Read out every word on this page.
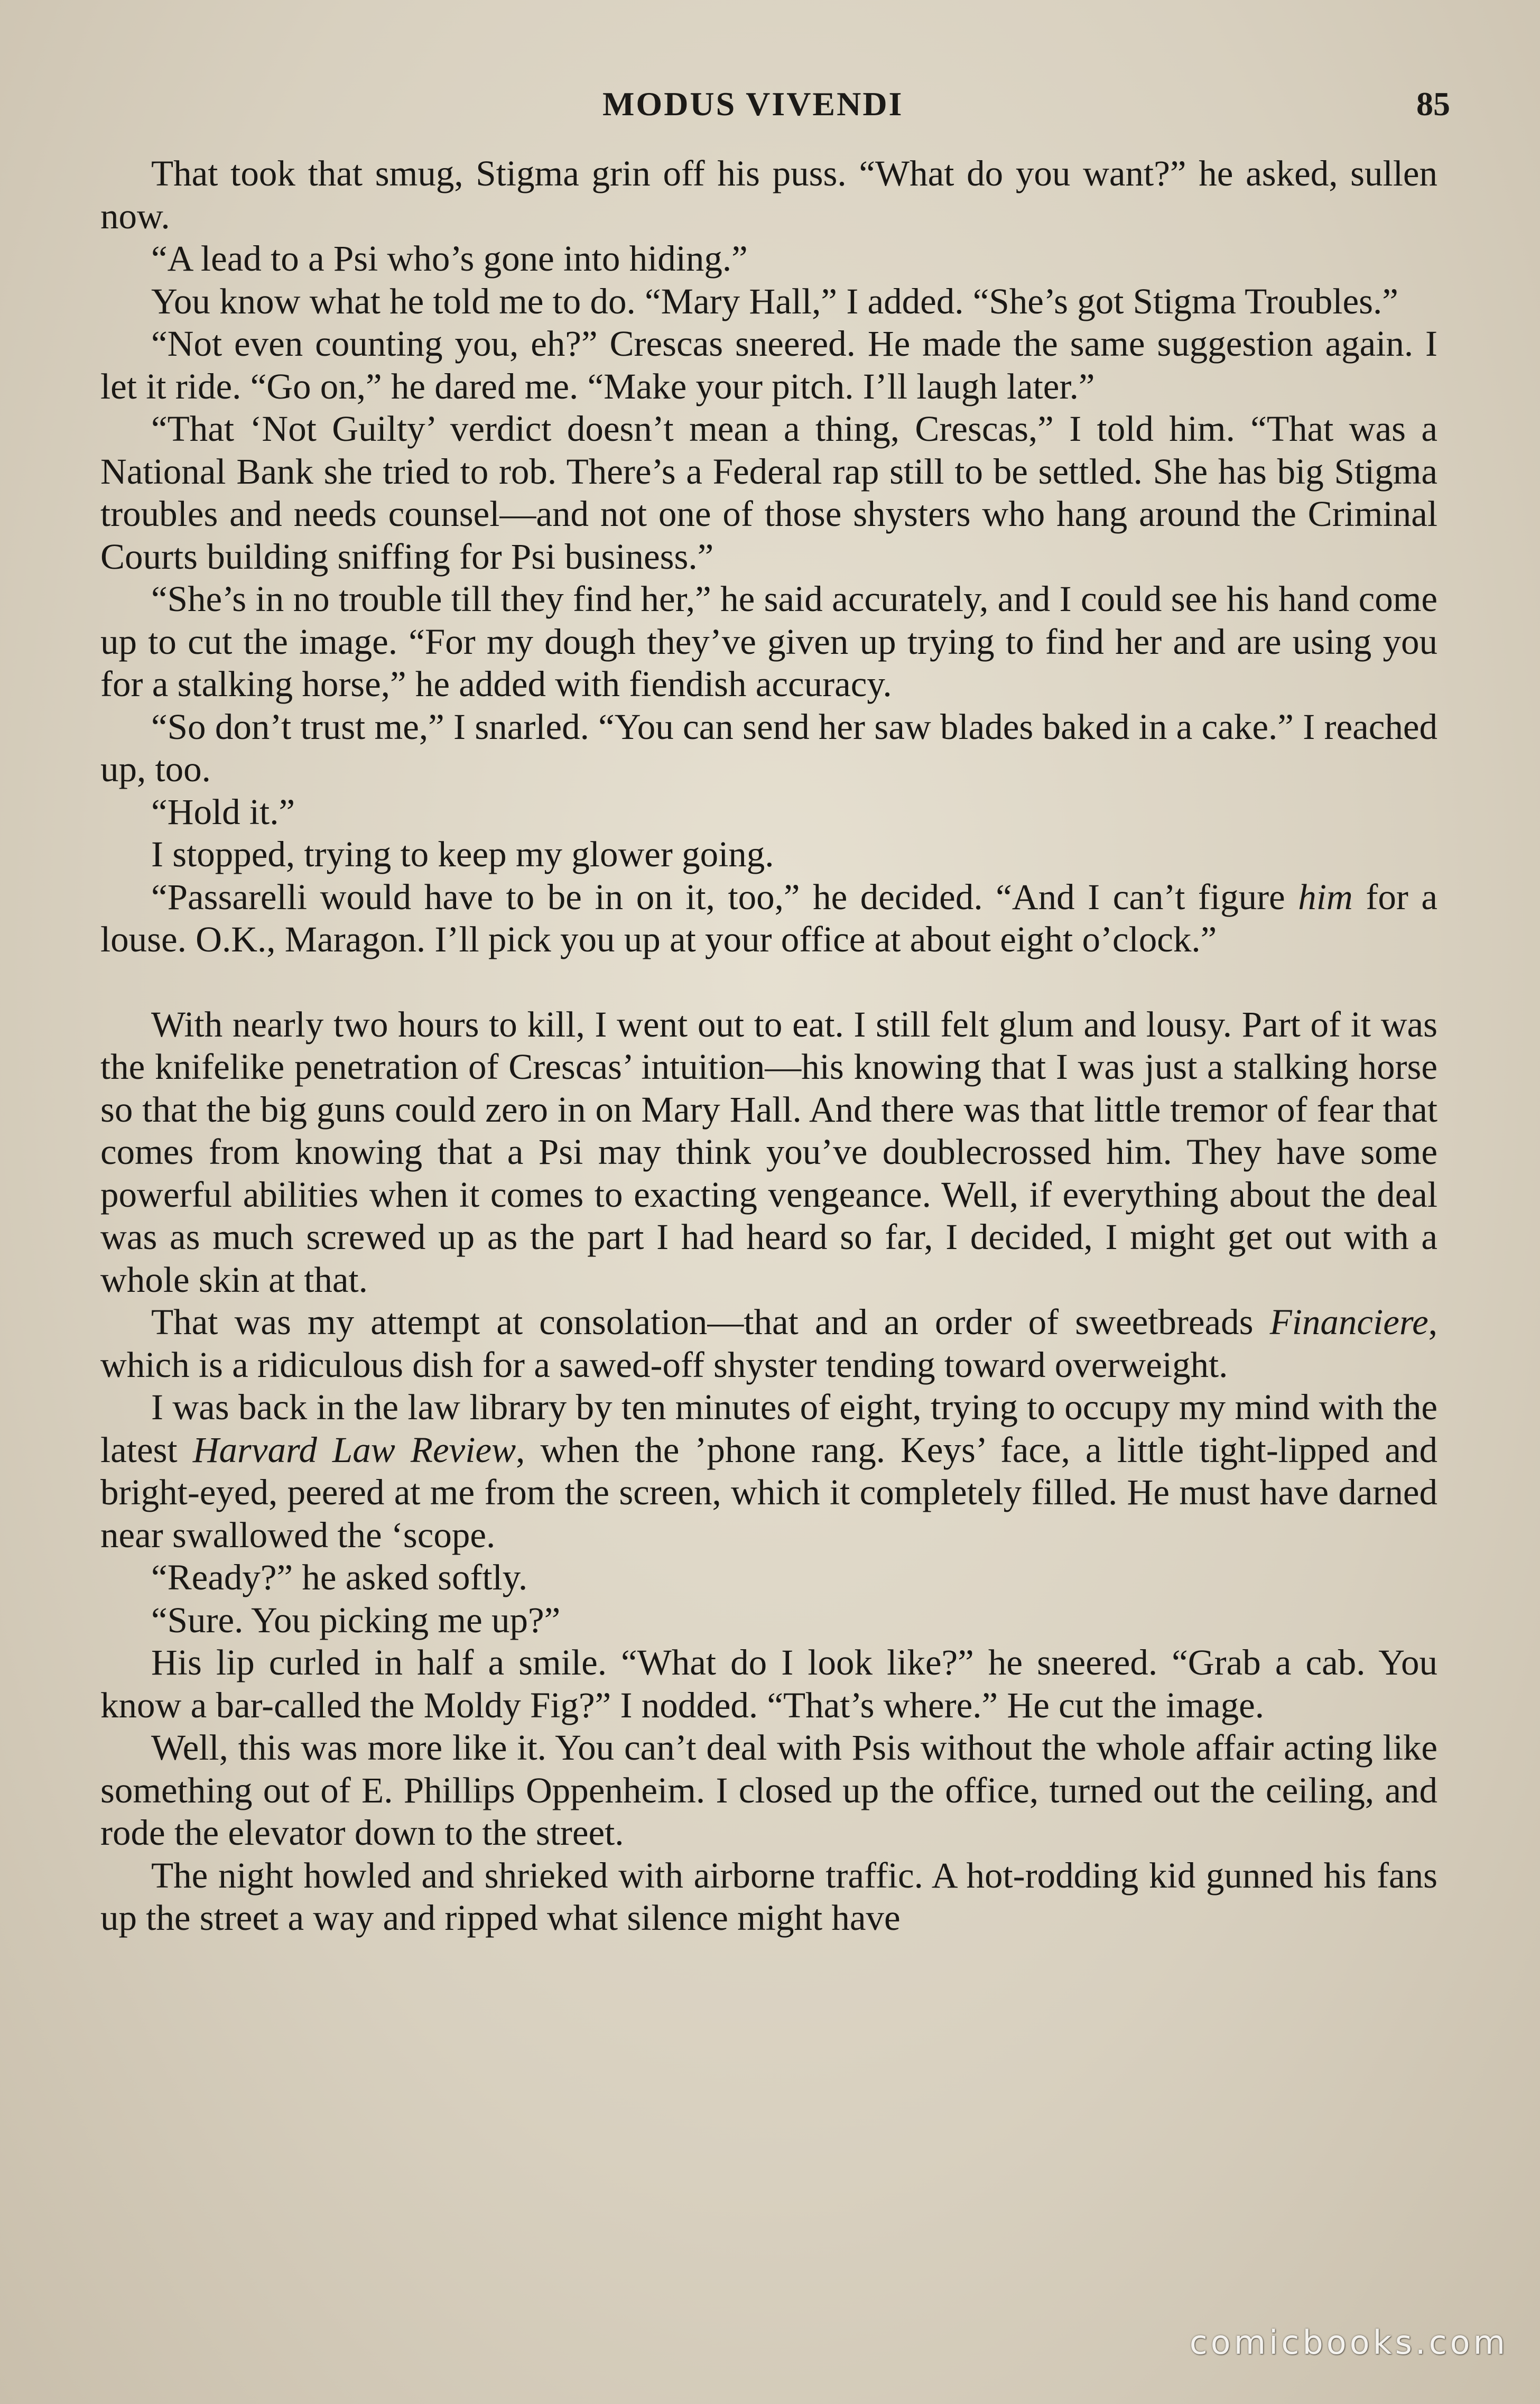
MODUS VIVENDI	85

That took that smug, Stigma grin off his puss. “What do you want?” he asked, sullen now.

“A lead to a Psi who’s gone into hiding.”

You know what he told me to do. “Mary Hall,” I added. “She’s got Stigma Troubles.”

“Not even counting you, eh?” Crescas sneered. He made the same suggestion again. I let it ride. “Go on,” he dared me. “Make your pitch. I’ll laugh later.”

“That ‘Not Guilty’ verdict doesn’t mean a thing, Crescas,” I told him. “That was a National Bank she tried to rob. There’s a Federal rap still to be settled. She has big Stigma troubles and needs counsel—and not one of those shysters who hang around the Criminal Courts building sniffing for Psi business.”

“She’s in no trouble till they find her,” he said accurately, and I could see his hand come up to cut the image. “For my dough they’ve given up trying to find her and are using you for a stalking horse,” he added with fiendish accuracy.

“So don’t trust me,” I snarled. “You can send her saw blades baked in a cake.” I reached up, too.

“Hold it.”

I stopped, trying to keep my glower going.

“Passarelli would have to be in on it, too,” he decided. “And I can’t figure him for a louse. O.K., Maragon. I’ll pick you up at your office at about eight o’clock.”

With nearly two hours to kill, I went out to eat. I still felt glum and lousy. Part of it was the knifelike penetration of Crescas’ intuition—his knowing that I was just a stalking horse so that the big guns could zero in on Mary Hall. And there was that little tremor of fear that comes from knowing that a Psi may think you’ve doublecrossed him. They have some powerful abilities when it comes to exacting vengeance. Well, if everything about the deal was as much screwed up as the part I had heard so far, I decided, I might get out with a whole skin at that.

That was my attempt at consolation—that and an order of sweetbreads Financiere, which is a ridiculous dish for a sawed-off shyster tending toward overweight.

I was back in the law library by ten minutes of eight, trying to occupy my mind with the latest Harvard Law Review, when the ’phone rang. Keys’ face, a little tight-lipped and bright-eyed, peered at me from the screen, which it completely filled. He must have darned near swallowed the ‘scope.

“Ready?” he asked softly.

“Sure. You picking me up?”

His lip curled in half a smile. “What do I look like?” he sneered. “Grab a cab. You know a bar-called the Moldy Fig?” I nodded. “That’s where.” He cut the image.

Well, this was more like it. You can’t deal with Psis without the whole affair acting like something out of E. Phillips Oppenheim. I closed up the office, turned out the ceiling, and rode the elevator down to the street.

The night howled and shrieked with airborne traffic. A hot-rodding kid gunned his fans up the street a way and ripped what silence might have

comicbooks.com
